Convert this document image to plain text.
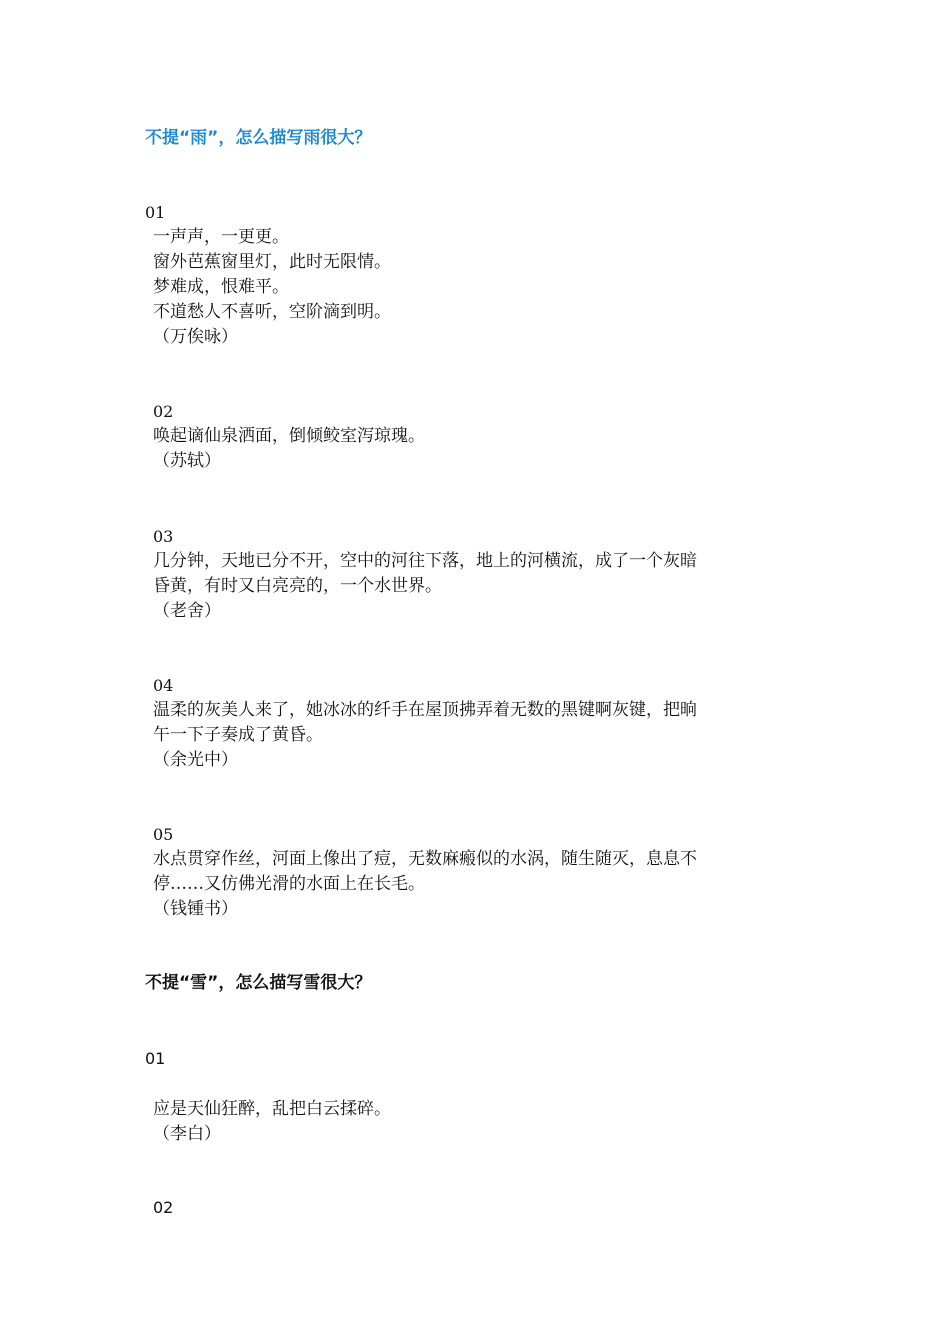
不提“雨”，怎么描写雨很大？
01
一声声，一更更。
窗外芭蕉窗里灯，此时无限情。
梦难成，恨难平。
不道愁人不喜听，空阶滴到明。
（万俟咏）
02
唤起谪仙泉洒面，倒倾鲛室泻琼瑰。
（苏轼）
03
几分钟，天地已分不开，空中的河往下落，地上的河横流，成了一个灰暗
昏黄，有时又白亮亮的，一个水世界。
（老舍）
04
温柔的灰美人来了，她冰冰的纤手在屋顶拂弄着无数的黑键啊灰键，把晌
午一下子奏成了黄昏。
（余光中）
05
水点贯穿作丝，河面上像出了痘，无数麻瘢似的水涡，随生随灭，息息不
停……又仿佛光滑的水面上在长毛。
（钱锺书）
不提“雪”，怎么描写雪很大？
01
应是天仙狂醉，乱把白云揉碎。
（李白）
02
